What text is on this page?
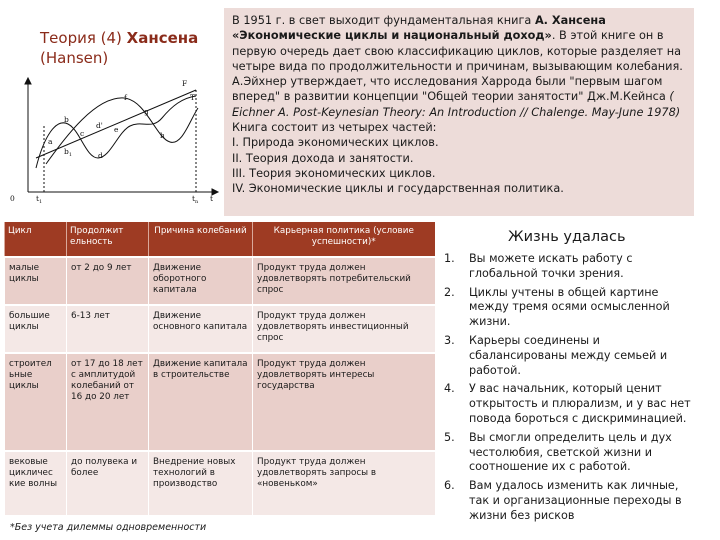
Теория (4) Хансена
(Hansen)
F
T
f
g
h
b
c
d' e
a
$b_1$	d
0	$t_1$	$t_n$ t
В 1951 г. в свет выходит фундаментальная книга А. Хансена «Экономические циклы и национальный доход». В этой книге он в первую очередь дает свою классификацию циклов, которые разделяет на четыре вида по продолжительности и причинам, вызывающим колебания. А.Эйхнер утверждает, что исследования Харрода были "первым шагом вперед" в развитии концепции "Общей теории занятости" Дж.М.Кейнса ( Eichner A. Post-Keynesian Theory: An Introduction // Chalenge. May-June 1978) Книга состоит из четырех частей:
I. Природа экономических циклов.
II. Теория дохода и занятости.
III. Теория экономических циклов.
IV. Экономические циклы и государственная политика.
Цикл	Продолжит ельность	Причина колебаний	Карьерная политика (условие успешности)*
малые циклы	от 2 до 9 лет	Движение оборотного капитала	Продукт труда должен удовлетворять потребительский спрос
большие циклы	6-13 лет	Движение основного капитала	Продукт труда должен удовлетворять инвестиционный спрос
строител ьные циклы	от 17 до 18 лет с амплитудой колебаний от 16 до 20 лет	Движение капитала в строительстве	Продукт труда должен удовлетворять интересы государства
вековые цикличес кие волны	до полувека и более	Внедрение новых технологий в производство	Продукт труда должен удовлетворять запросы в «новеньком»
*Без учета дилеммы одновременности
Жизнь удалась
1.	Вы можете искать работу с глобальной точки зрения.
2.	Циклы учтены в общей картине между тремя осями осмысленной жизни.
3.	Карьеры соединены и сбалансированы между семьей и работой.
4.	У вас начальник, который ценит открытость и плюрализм, и у вас нет повода бороться с дискриминацией.
5.	Вы смогли определить цель и дух честолюбия, светской жизни и соотношение их с работой.
6.	Вам удалось изменить как личные, так и организационные переходы в жизни без рисков
